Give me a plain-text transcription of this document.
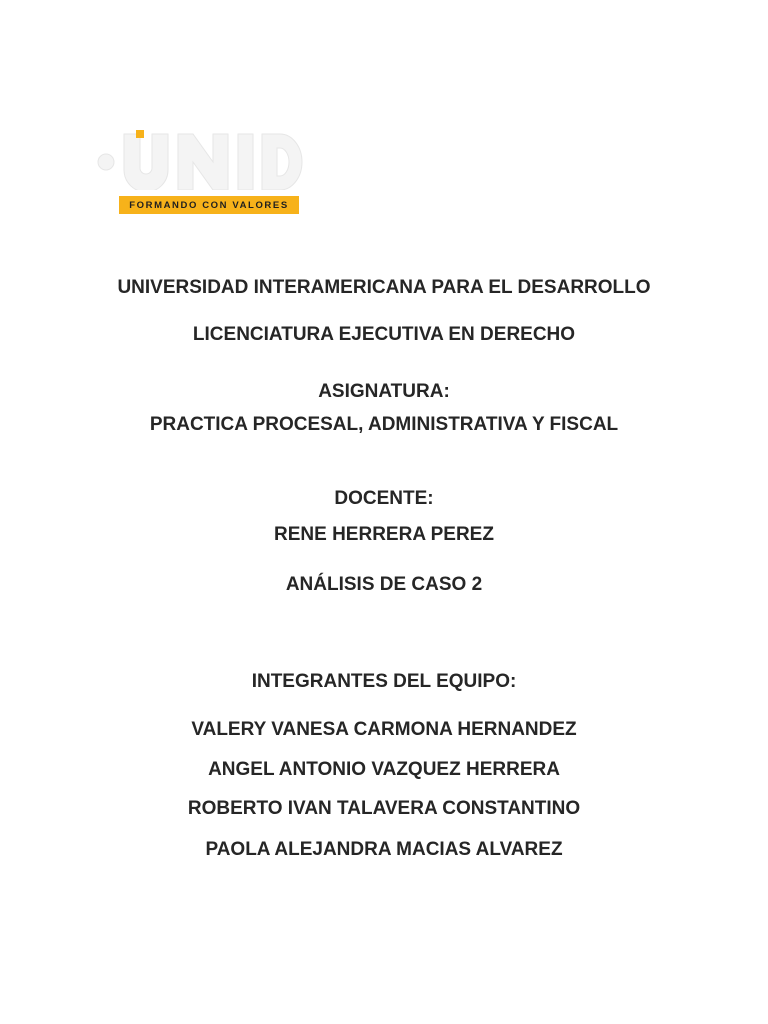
FORMANDO CON VALORES
UNIVERSIDAD INTERAMERICANA PARA EL DESARROLLO
LICENCIATURA EJECUTIVA EN DERECHO
ASIGNATURA:
PRACTICA PROCESAL, ADMINISTRATIVA Y FISCAL
DOCENTE:
RENE HERRERA PEREZ
ANÁLISIS DE CASO 2
INTEGRANTES DEL EQUIPO:
VALERY VANESA CARMONA HERNANDEZ
ANGEL ANTONIO VAZQUEZ HERRERA
ROBERTO IVAN TALAVERA CONSTANTINO
PAOLA ALEJANDRA MACIAS ALVAREZ
